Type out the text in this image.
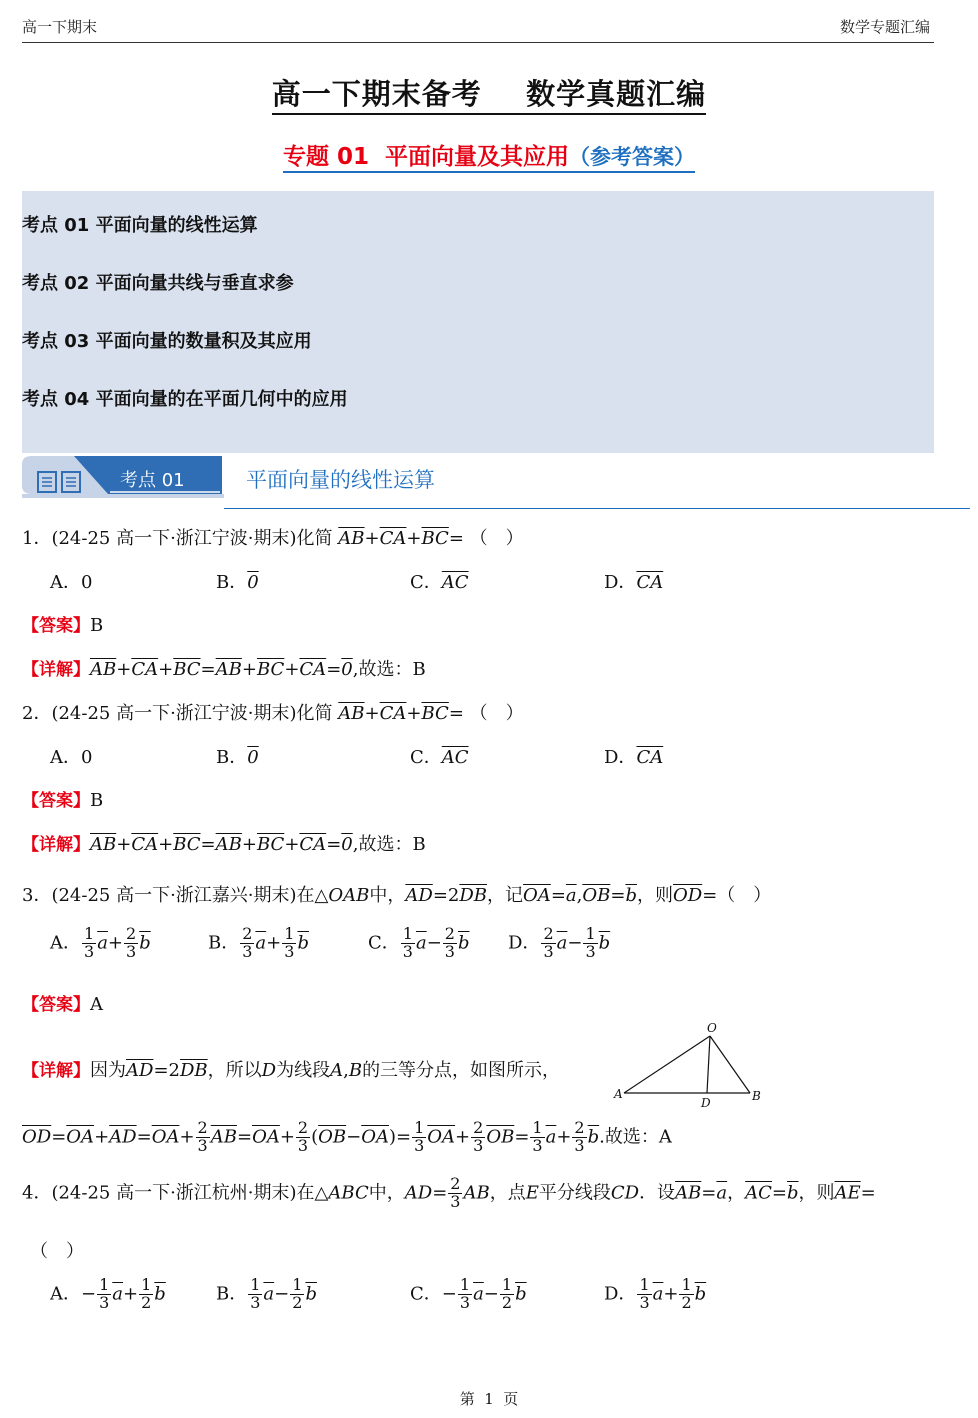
高一下期末	数学专题汇编
高一下期末备考    数学真题汇编
专题 01  平面向量及其应用（参考答案）
考点 01 平面向量的线性运算
考点 02 平面向量共线与垂直求参
考点 03 平面向量的数量积及其应用
考点 04 平面向量的在平面几何中的应用
考点 01	平面向量的线性运算
1．(24-25 高一下·浙江宁波·期末)化简 $\overline{AB}+\overline{CA}+\overline{BC}=$ （　）
A．0	B．0	C．$\overline{AC}$	D．$\overline{CA}$
【答案】B
【详解】$\overline{AB}+\overline{CA}+\overline{BC}=\overline{AB}+\overline{BC}+\overline{CA}=0$,故选：B
2．(24-25 高一下·浙江宁波·期末)化简 $\overline{AB}+\overline{CA}+\overline{BC}=$ （　）
A．0	B．0	C．$\overline{AC}$	D．$\overline{CA}$
【答案】B
【详解】$\overline{AB}+\overline{CA}+\overline{BC}=\overline{AB}+\overline{BC}+\overline{CA}=0$,故选：B
3．(24-25 高一下·浙江嘉兴·期末)在△OAB中，$\overline{AD}=2\overline{DB}$，记$\overline{OA}=\overline{a},\overline{OB}=\overline{b}$，则$\overline{OD}=$（　）
A． $\frac{1}{3} \overline{a}+ \frac{2}{3} \overline{b}$	B． $\frac{2}{3} \overline{a}+ \frac{1}{3} \overline{b}$	C． $\frac{1}{3} \overline{a}- \frac{2}{3} \overline{b}$ D． $\frac{2}{3} \overline{a}- \frac{1}{3} \overline{b}$
【答案】A
【详解】因为$\overline{AD}=2\overline{DB}$，所以D为线段A,B的三等分点，如图所示，
O
A
D	B
$\overline{OD}=\overline{OA}+\overline{AD}=\overline{OA}+ \frac{2}{3} \overline{AB}=\overline{OA}+ \frac{2}{3} (\overline{OB}-\overline{OA})= \frac{1}{3} \overline{OA}+ \frac{2}{3} \overline{OB}= \frac{1}{3} \overline{a}+ \frac{2}{3} \overline{b}$.故选：A
4．(24-25 高一下·浙江杭州·期末)在△ABC中，$AD= \frac{2}{3}$ AB，点E平分线段CD．设$\overline{AB}=\overline{a}$，$\overline{AC}=\overline{b}$，则$\overline{AE}=$
（　）
A．− $\frac{1}{3} \overline{a}+ \frac{1}{2} \overline{b}$	B． $\frac{1}{3} \overline{a}- \frac{1}{2} \overline{b}$	C．− $\frac{1}{3} \overline{a}- \frac{1}{2} \overline{b}$	D． $\frac{1}{3} \overline{a}+ \frac{1}{2} \overline{b}$
第  1  页
